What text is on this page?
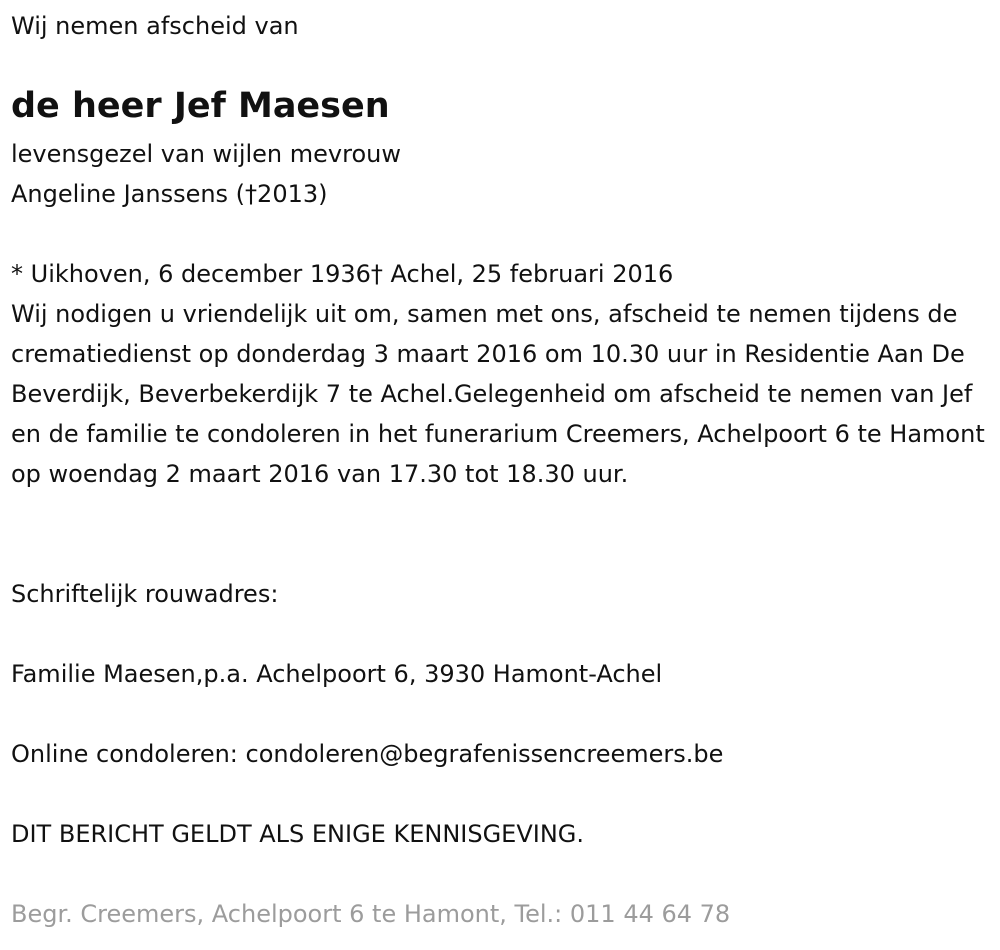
Wij nemen afscheid van

de heer Jef Maesen

levensgezel van wijlen mevrouw

Angeline Janssens (†2013)

* Uikhoven, 6 december 1936† Achel, 25 februari 2016

Wij nodigen u vriendelijk uit om, samen met ons, afscheid te nemen tijdens de crematiedienst op donderdag 3 maart 2016 om 10.30 uur in Residentie Aan De Beverdijk, Beverbekerdijk 7 te Achel.Gelegenheid om afscheid te nemen van Jef en de familie te condoleren in het funerarium Creemers, Achelpoort 6 te Hamont op woendag 2 maart 2016 van 17.30 tot 18.30 uur.

Schriftelijk rouwadres:

Familie Maesen,p.a. Achelpoort 6, 3930 Hamont-Achel

Online condoleren: condoleren@begrafenissencreemers.be

DIT BERICHT GELDT ALS ENIGE KENNISGEVING.

Begr. Creemers, Achelpoort 6 te Hamont, Tel.: 011 44 64 78
